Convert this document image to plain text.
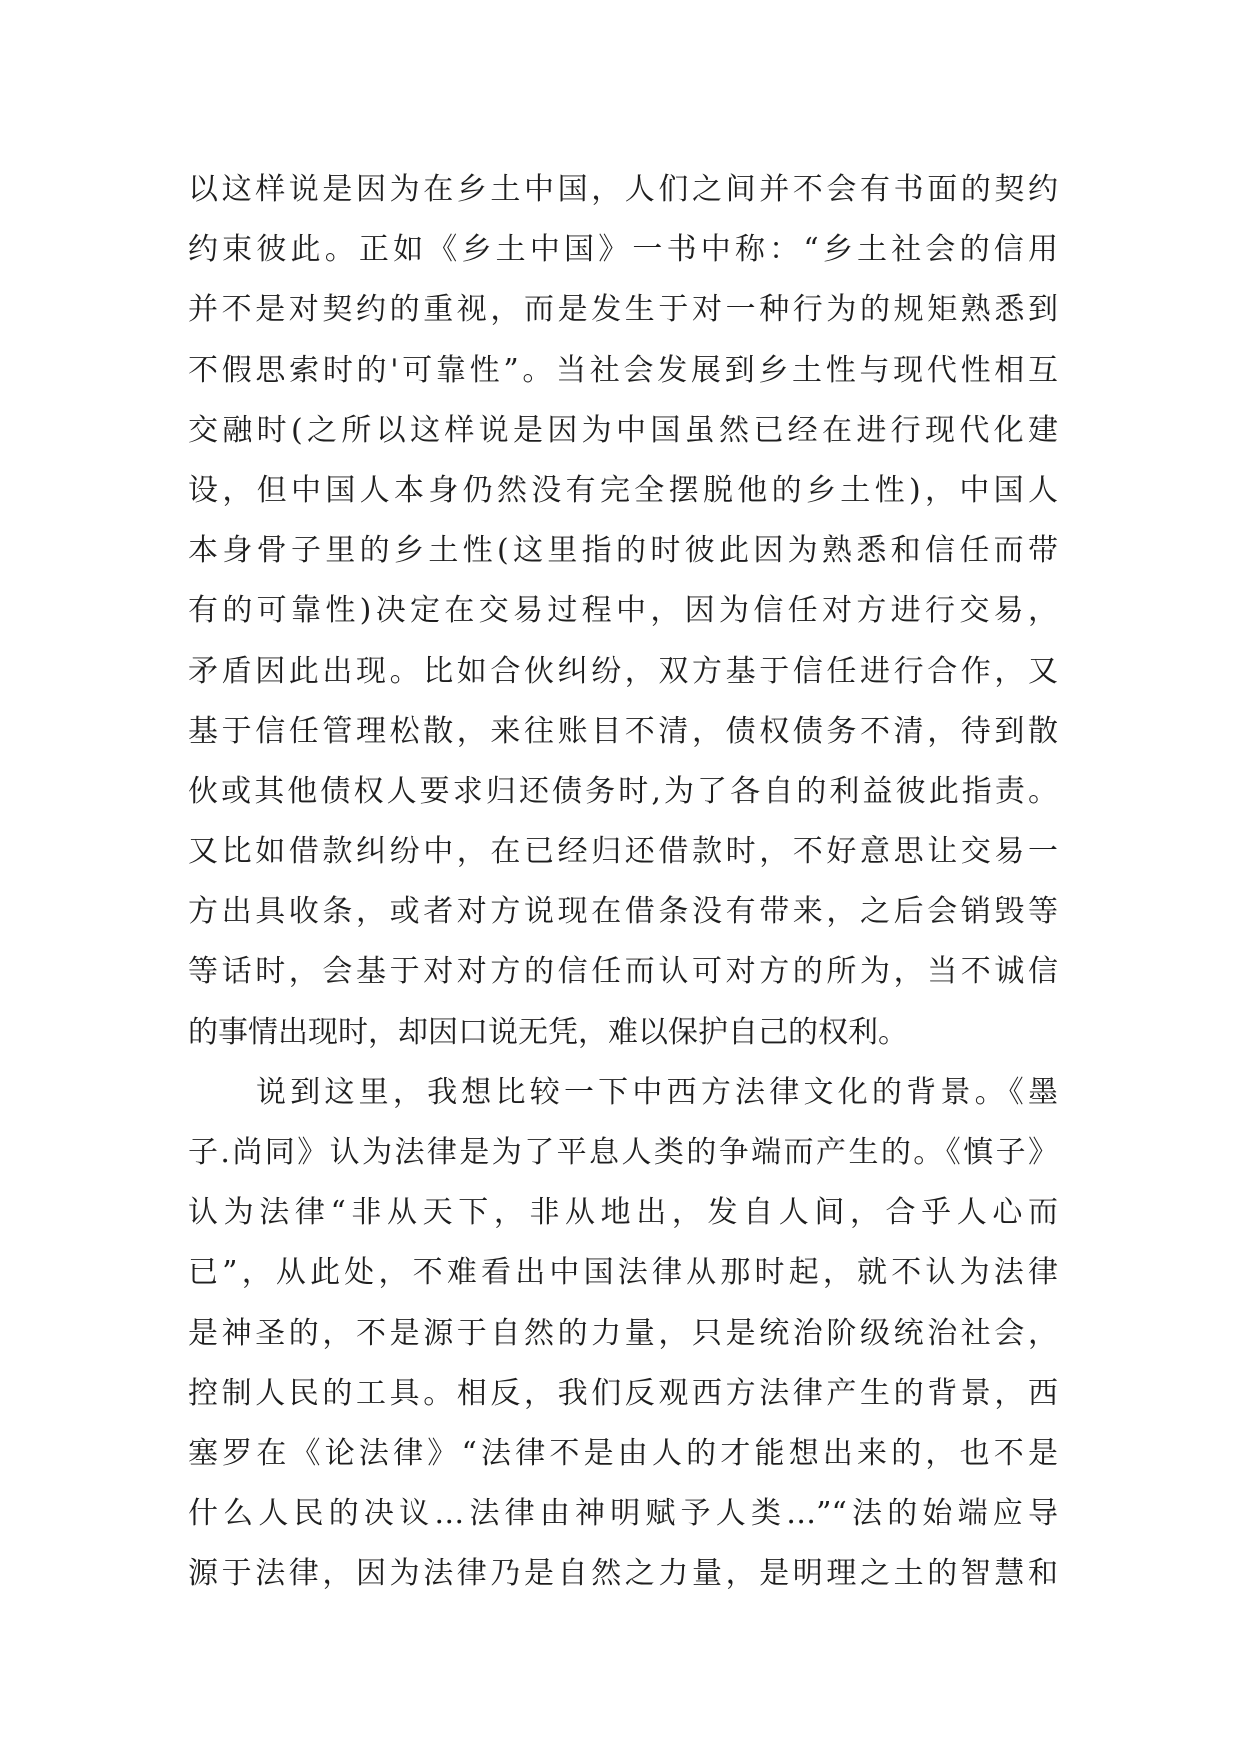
以这样说是因为在乡土中国，人们之间并不会有书面的契约
约束彼此。正如《乡土中国》一书中称：“乡土社会的信用
并不是对契约的重视，而是发生于对一种行为的规矩熟悉到
不假思索时的'可靠性”。当社会发展到乡土性与现代性相互
交融时(之所以这样说是因为中国虽然已经在进行现代化建
设，但中国人本身仍然没有完全摆脱他的乡土性)，中国人
本身骨子里的乡土性(这里指的时彼此因为熟悉和信任而带
有的可靠性)决定在交易过程中，因为信任对方进行交易，
矛盾因此出现。比如合伙纠纷，双方基于信任进行合作，又
基于信任管理松散，来往账目不清，债权债务不清，待到散
伙或其他债权人要求归还债务时,为了各自的利益彼此指责。
又比如借款纠纷中，在已经归还借款时，不好意思让交易一
方出具收条，或者对方说现在借条没有带来，之后会销毁等
等话时，会基于对对方的信任而认可对方的所为，当不诚信
的事情出现时，却因口说无凭，难以保护自己的权利。
说到这里，我想比较一下中西方法律文化的背景。《墨
子.尚同》认为法律是为了平息人类的争端而产生的。《慎子》
认为法律“非从天下，非从地出，发自人间，合乎人心而
已”，从此处，不难看出中国法律从那时起，就不认为法律
是神圣的，不是源于自然的力量，只是统治阶级统治社会，
控制人民的工具。相反，我们反观西方法律产生的背景，西
塞罗在《论法律》“法律不是由人的才能想出来的，也不是
什么人民的决议…法律由神明赋予人类…”“法的始端应导
源于法律，因为法律乃是自然之力量，是明理之土的智慧和
